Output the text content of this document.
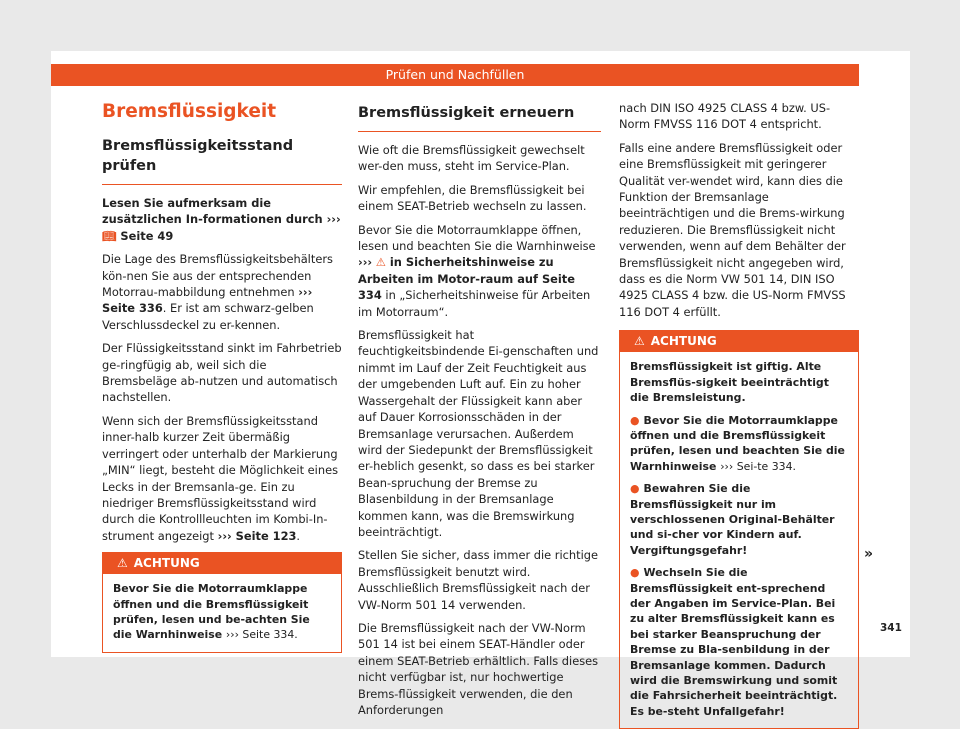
Prüfen und Nachfüllen
Bremsflüssigkeit
Bremsflüssigkeitsstand prüfen

Lesen Sie aufmerksam die zusätzlichen In-formationen durch ››› 📖︎ Seite 49

Die Lage des Bremsflüssigkeitsbehälters kön-nen Sie aus der entsprechenden Motorrau-mabbildung entnehmen ››› Seite 336. Er ist am schwarz-gelben Verschlussdeckel zu er-kennen.

Der Flüssigkeitsstand sinkt im Fahrbetrieb ge-ringfügig ab, weil sich die Bremsbeläge ab-nutzen und automatisch nachstellen.

Wenn sich der Bremsflüssigkeitsstand inner-halb kurzer Zeit übermäßig verringert oder unterhalb der Markierung „MIN“ liegt, besteht die Möglichkeit eines Lecks in der Bremsanla-ge. Ein zu niedriger Bremsflüssigkeitsstand wird durch die Kontrollleuchten im Kombi-In-strument angezeigt ››› Seite 123.

⚠︎ ACHTUNG

Bevor Sie die Motorraumklappe öffnen und die Bremsflüssigkeit prüfen, lesen und be-achten Sie die Warnhinweise ››› Seite 334.

Bremsflüssigkeit erneuern

Wie oft die Bremsflüssigkeit gewechselt wer-den muss, steht im Service-Plan.

Wir empfehlen, die Bremsflüssigkeit bei einem SEAT-Betrieb wechseln zu lassen.

Bevor Sie die Motorraumklappe öffnen, lesen und beachten Sie die Warnhinweise ››› ⚠︎ in Sicherheitshinweise zu Arbeiten im Motor-raum auf Seite 334 in „Sicherheitshinweise für Arbeiten im Motorraum“.

Bremsflüssigkeit hat feuchtigkeitsbindende Ei-genschaften und nimmt im Lauf der Zeit Feuchtigkeit aus der umgebenden Luft auf. Ein zu hoher Wassergehalt der Flüssigkeit kann aber auf Dauer Korrosionsschäden in der Bremsanlage verursachen. Außerdem wird der Siedepunkt der Bremsflüssigkeit er-heblich gesenkt, so dass es bei starker Bean-spruchung der Bremse zu Blasenbildung in der Bremsanlage kommen kann, was die Bremswirkung beeinträchtigt.

Stellen Sie sicher, dass immer die richtige Bremsflüssigkeit benutzt wird. Ausschließlich Bremsflüssigkeit nach der VW-Norm 501 14 verwenden.

Die Bremsflüssigkeit nach der VW-Norm 501 14 ist bei einem SEAT-Händler oder einem SEAT-Betrieb erhältlich. Falls dieses nicht verfügbar ist, nur hochwertige Brems-flüssigkeit verwenden, die den Anforderungen

nach DIN ISO 4925 CLASS 4 bzw. US-Norm FMVSS 116 DOT 4 entspricht.

Falls eine andere Bremsflüssigkeit oder eine Bremsflüssigkeit mit geringerer Qualität ver-wendet wird, kann dies die Funktion der Bremsanlage beeinträchtigen und die Brems-wirkung reduzieren. Die Bremsflüssigkeit nicht verwenden, wenn auf dem Behälter der Bremsflüssigkeit nicht angegeben wird, dass es die Norm VW 501 14, DIN ISO 4925 CLASS 4 bzw. die US-Norm FMVSS 116 DOT 4 erfüllt.

⚠︎ ACHTUNG

Bremsflüssigkeit ist giftig. Alte Bremsflüs-sigkeit beeinträchtigt die Bremsleistung.

● Bevor Sie die Motorraumklappe öffnen und die Bremsflüssigkeit prüfen, lesen und beachten Sie die Warnhinweise ››› Sei-te 334.

● Bewahren Sie die Bremsflüssigkeit nur im verschlossenen Original-Behälter und si-cher vor Kindern auf. Vergiftungsgefahr!

● Wechseln Sie die Bremsflüssigkeit ent-sprechend der Angaben im Service-Plan. Bei zu alter Bremsflüssigkeit kann es bei starker Beanspruchung der Bremse zu Bla-senbildung in der Bremsanlage kommen. Dadurch wird die Bremswirkung und somit die Fahrsicherheit beeinträchtigt. Es be-steht Unfallgefahr!

»
341
